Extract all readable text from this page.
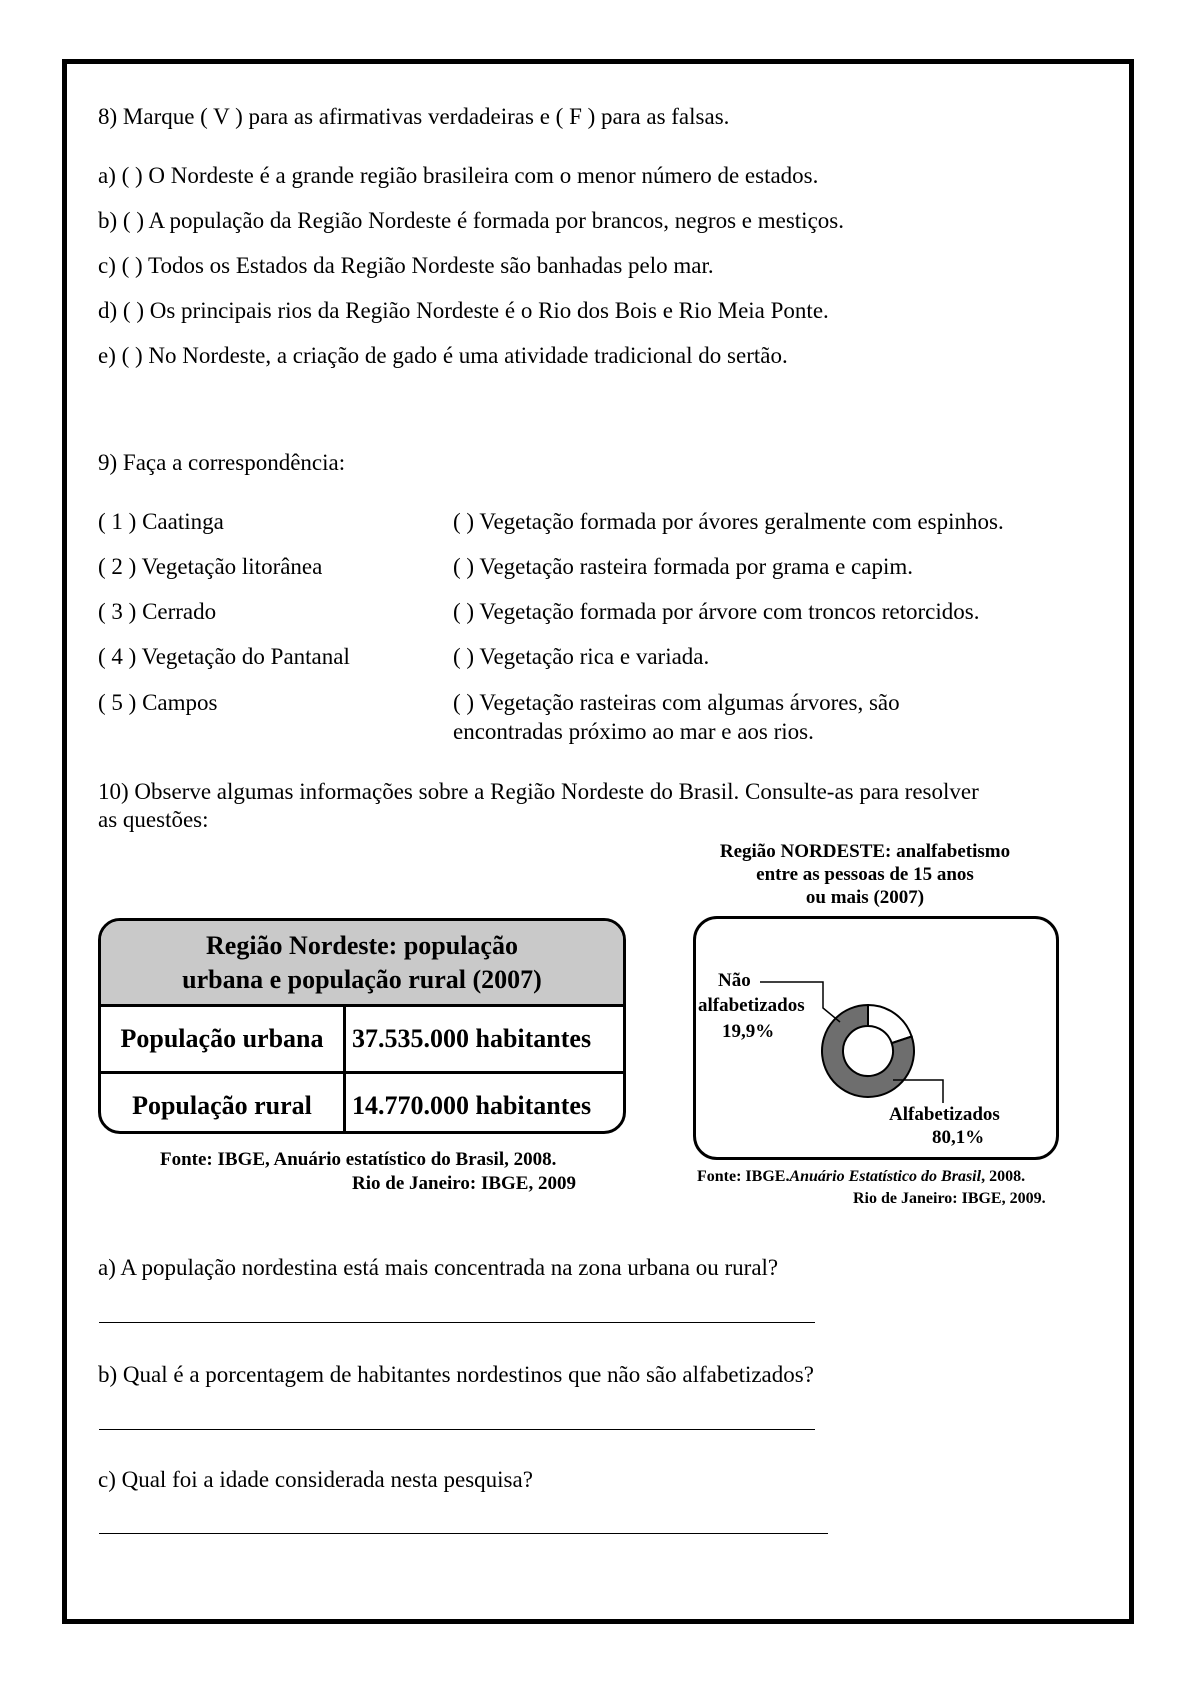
8) Marque ( V ) para as afirmativas verdadeiras e ( F ) para as falsas.
a) ( ) O Nordeste é a grande região brasileira com o menor número de estados.
b) ( ) A população da Região Nordeste é formada por brancos, negros e mestiços.
c) ( ) Todos os Estados da Região Nordeste são banhadas pelo mar.
d) ( ) Os principais rios da Região Nordeste é o Rio dos Bois e Rio Meia Ponte.
e) ( ) No Nordeste, a criação de gado é uma atividade tradicional do sertão.
9) Faça a correspondência:
( 1 ) Caatinga
( 2 ) Vegetação litorânea
( 3 ) Cerrado
( 4 ) Vegetação do Pantanal
( 5 ) Campos
( ) Vegetação formada por ávores geralmente com espinhos.
( ) Vegetação rasteira formada por grama e capim.
( ) Vegetação formada por árvore com troncos retorcidos.
( ) Vegetação rica e variada.
( ) Vegetação rasteiras com algumas árvores, são
encontradas próximo ao mar e aos rios.
10) Observe algumas informações sobre a Região Nordeste do Brasil. Consulte-as para resolver
as questões:
Região Nordeste: população
urbana e população rural (2007)
População urbana	37.535.000 habitantes
População rural	14.770.000 habitantes
Fonte: IBGE, Anuário estatístico do Brasil, 2008.
Rio de Janeiro: IBGE, 2009
Região NORDESTE: analfabetismo
entre as pessoas de 15 anos
ou mais (2007)
Não
alfabetizados
19,9%
Alfabetizados
80,1%
Fonte: IBGE.Anuário Estatístico do Brasil, 2008.
Rio de Janeiro: IBGE, 2009.
a) A população nordestina está mais concentrada na zona urbana ou rural?
b) Qual é a porcentagem de habitantes nordestinos que não são alfabetizados?
c) Qual foi a idade considerada nesta pesquisa?
